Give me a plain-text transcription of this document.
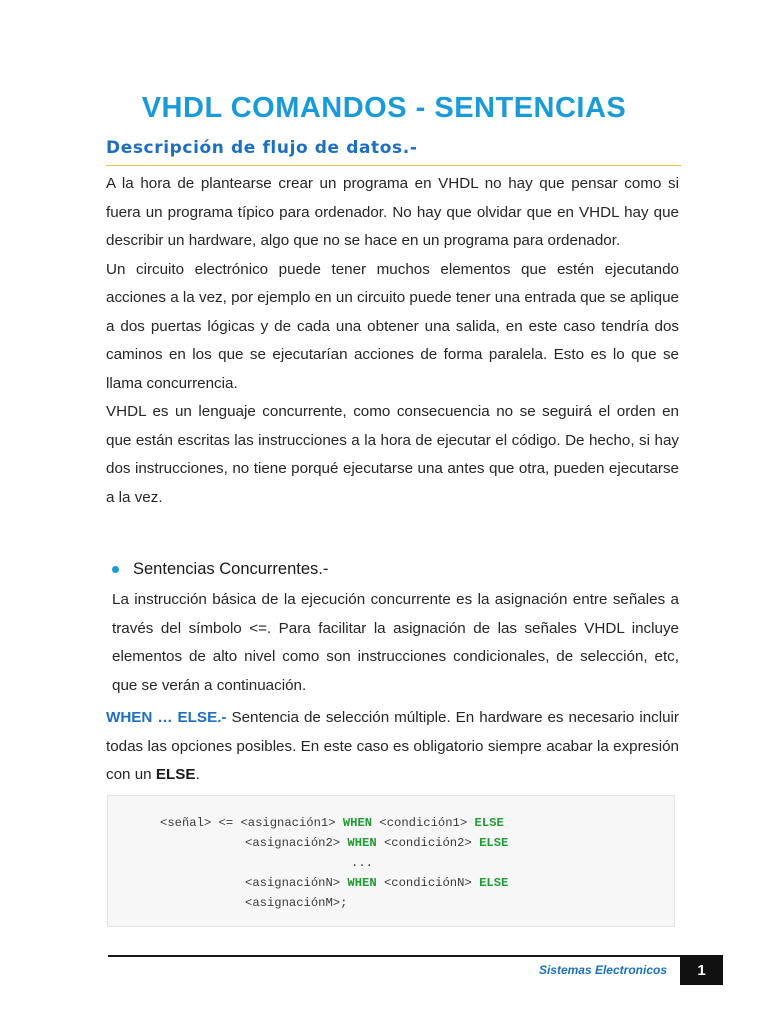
VHDL COMANDOS - SENTENCIAS
Descripción de flujo de datos.-
A la hora de plantearse crear un programa en VHDL no hay que pensar como si fuera un programa típico para ordenador. No hay que olvidar que en VHDL hay que describir un hardware, algo que no se hace en un programa para ordenador.
Un circuito electrónico puede tener muchos elementos que estén ejecutando acciones a la vez, por ejemplo en un circuito puede tener una entrada que se aplique a dos puertas lógicas y de cada una obtener una salida, en este caso tendría dos caminos en los que se ejecutarían acciones de forma paralela. Esto es lo que se llama concurrencia.
VHDL es un lenguaje concurrente, como consecuencia no se seguirá el orden en que están escritas las instrucciones a la hora de ejecutar el código. De hecho, si hay dos instrucciones, no tiene porqué ejecutarse una antes que otra, pueden ejecutarse a la vez.
Sentencias Concurrentes.-

La instrucción básica de la ejecución concurrente es la asignación entre señales a través del símbolo <=. Para facilitar la asignación de las señales VHDL incluye elementos de alto nivel como son instrucciones condicionales, de selección, etc, que se verán a continuación.

WHEN … ELSE.- Sentencia de selección múltiple. En hardware es necesario incluir todas las opciones posibles. En este caso es obligatorio siempre acabar la expresión con un ELSE.

<señal> <= <asignación1> WHEN <condición1> ELSE
<asignación2> WHEN <condición2> ELSE
...
<asignaciónN> WHEN <condiciónN> ELSE
<asignaciónM>;
Sistemas Electronicos	1
